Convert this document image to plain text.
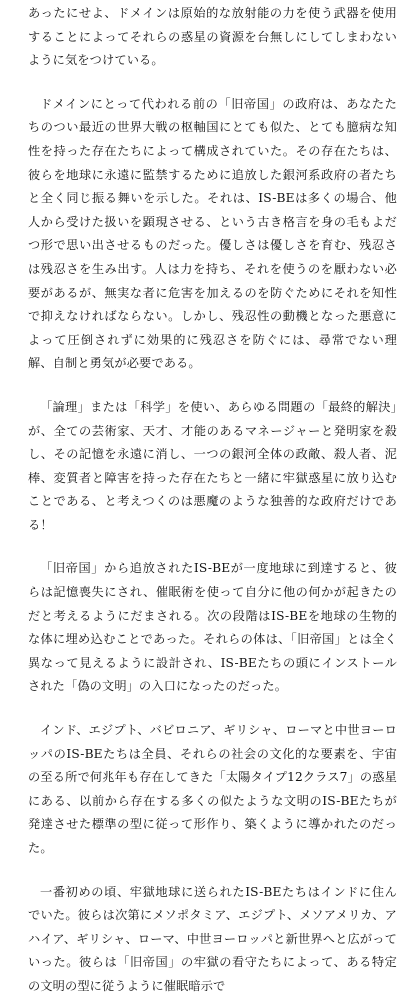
あったにせよ、ドメインは原始的な放射能の力を使う武器を使用することによってそれらの惑星の資源を台無しにしてしまわないように気をつけている。

ドメインにとって代われる前の「旧帝国」の政府は、あなたたちのつい最近の世界大戦の枢軸国にとても似た、とても臆病な知性を持った存在たちによって構成されていた。その存在たちは、彼らを地球に永遠に監禁するために追放した銀河系政府の者たちと全く同じ振る舞いを示した。それは、IS-BEは多くの場合、他人から受けた扱いを顕現させる、という古き格言を身の毛もよだつ形で思い出させるものだった。優しさは優しさを育む、残忍さは残忍さを生み出す。人は力を持ち、それを使うのを厭わない必要があるが、無実な者に危害を加えるのを防ぐためにそれを知性で抑えなければならない。しかし、残忍性の動機となった悪意によって圧倒されずに効果的に残忍さを防ぐには、尋常でない理解、自制と勇気が必要である。

「論理」または「科学」を使い、あらゆる問題の「最終的解決」が、全ての芸術家、天才、才能のあるマネージャーと発明家を殺し、その記憶を永遠に消し、一つの銀河全体の政敵、殺人者、泥棒、変質者と障害を持った存在たちと一緒に牢獄惑星に放り込むことである、と考えつくのは悪魔のような独善的な政府だけである！

「旧帝国」から追放されたIS-BEが一度地球に到達すると、彼らは記憶喪失にされ、催眠術を使って自分に他の何かが起きたのだと考えるようにだまされる。次の段階はIS-BEを地球の生物的な体に埋め込むことであった。それらの体は、「旧帝国」とは全く異なって見えるように設計され、IS-BEたちの頭にインストールされた「偽の文明」の入口になったのだった。

インド、エジプト、バビロニア、ギリシャ、ローマと中世ヨーロッパのIS-BEたちは全員、それらの社会の文化的な要素を、宇宙の至る所で何兆年も存在してきた「太陽タイプ12クラス7」の惑星にある、以前から存在する多くの似たような文明のIS-BEたちが発達させた標準の型に従って形作り、築くように導かれたのだった。

一番初めの頃、牢獄地球に送られたIS-BEたちはインドに住んでいた。彼らは次第にメソポタミア、エジプト、メソアメリカ、アハイア、ギリシャ、ローマ、中世ヨーロッパと新世界へと広がっていった。彼らは「旧帝国」の牢獄の看守たちによって、ある特定の文明の型に従うように催眠暗示で
